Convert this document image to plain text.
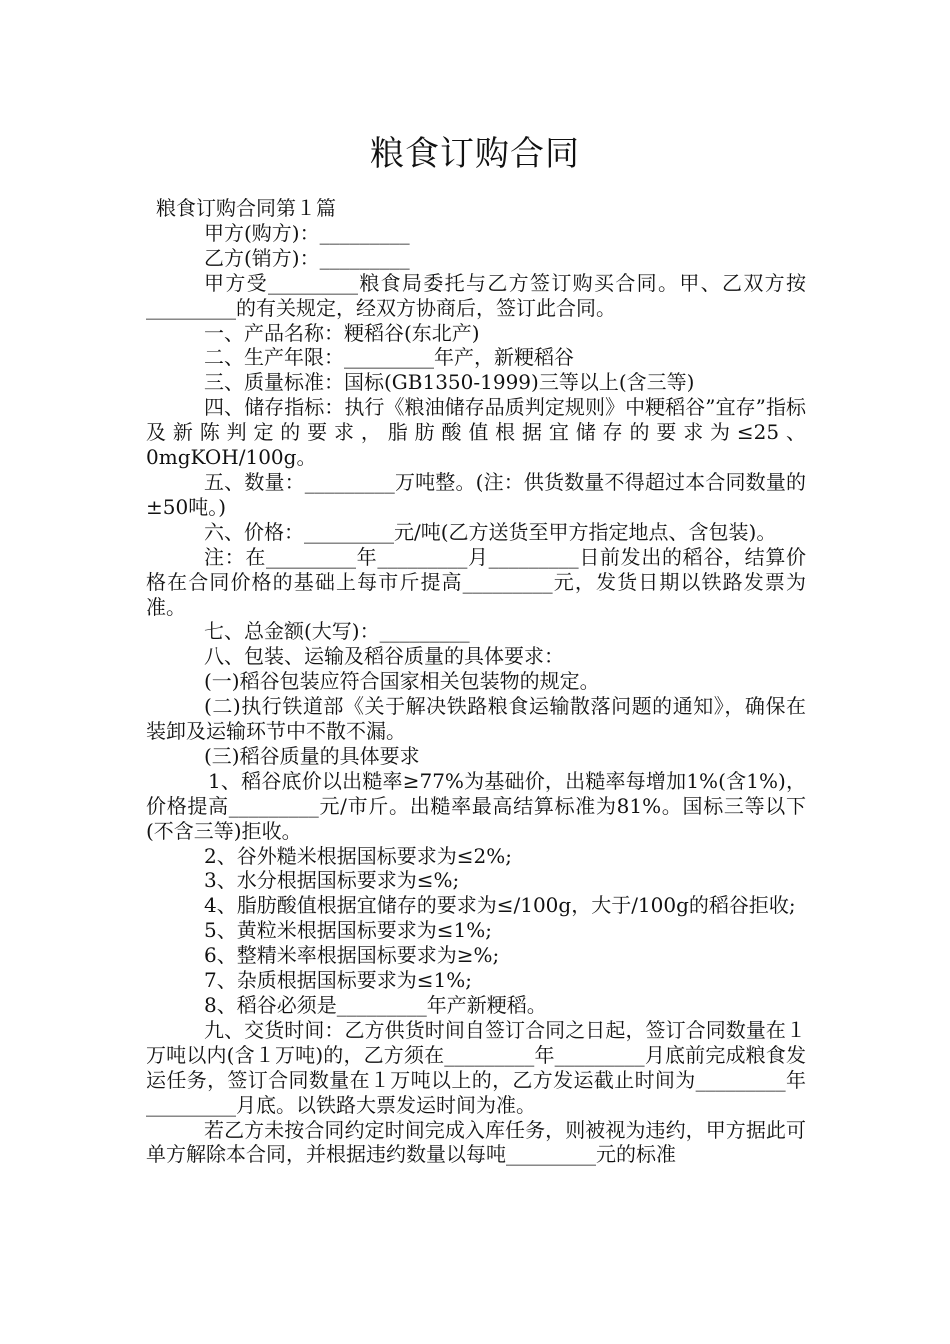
粮食订购合同

粮食订购合同第１篇

甲方(购方)：_________

乙方(销方)：_________

甲方受_________粮食局委托与乙方签订购买合同。甲、乙双方按_________的有关规定，经双方协商后，签订此合同。

一、产品名称：粳稻谷(东北产)

二、生产年限：_________年产，新粳稻谷

三、质量标准：国标(GB1350-1999)三等以上(含三等)

四、储存指标：执行《粮油储存品质判定规则》中粳稻谷”宜存”指标及新陈判定的要求，脂肪酸值根据宜储存的要求为≤25、0mgKOH/100g。

五、数量：_________万吨整。(注：供货数量不得超过本合同数量的±50吨。)

六、价格：_________元/吨(乙方送货至甲方指定地点、含包装)。

注：在_________年_________月_________日前发出的稻谷，结算价格在合同价格的基础上每市斤提高_________元，发货日期以铁路发票为准。

七、总金额(大写)：_________

八、包装、运输及稻谷质量的具体要求：

(一)稻谷包装应符合国家相关包装物的规定。

(二)执行铁道部《关于解决铁路粮食运输散落问题的通知》，确保在装卸及运输环节中不散不漏。

(三)稻谷质量的具体要求

1、稻谷底价以出糙率≥77%为基础价，出糙率每增加1%(含1%)，价格提高_________元/市斤。出糙率最高结算标准为81%。国标三等以下(不含三等)拒收。

2、谷外糙米根据国标要求为≤2%;

3、水分根据国标要求为≤%;

4、脂肪酸值根据宜储存的要求为≤/100g，大于/100g的稻谷拒收;

5、黄粒米根据国标要求为≤1%;

6、整精米率根据国标要求为≥%;

7、杂质根据国标要求为≤1%;

8、稻谷必须是_________年产新粳稻。

九、交货时间：乙方供货时间自签订合同之日起，签订合同数量在１万吨以内(含１万吨)的，乙方须在_________年_________月底前完成粮食发运任务，签订合同数量在１万吨以上的，乙方发运截止时间为_________年_________月底。以铁路大票发运时间为准。

若乙方未按合同约定时间完成入库任务，则被视为违约，甲方据此可单方解除本合同，并根据违约数量以每吨_________元的标准
